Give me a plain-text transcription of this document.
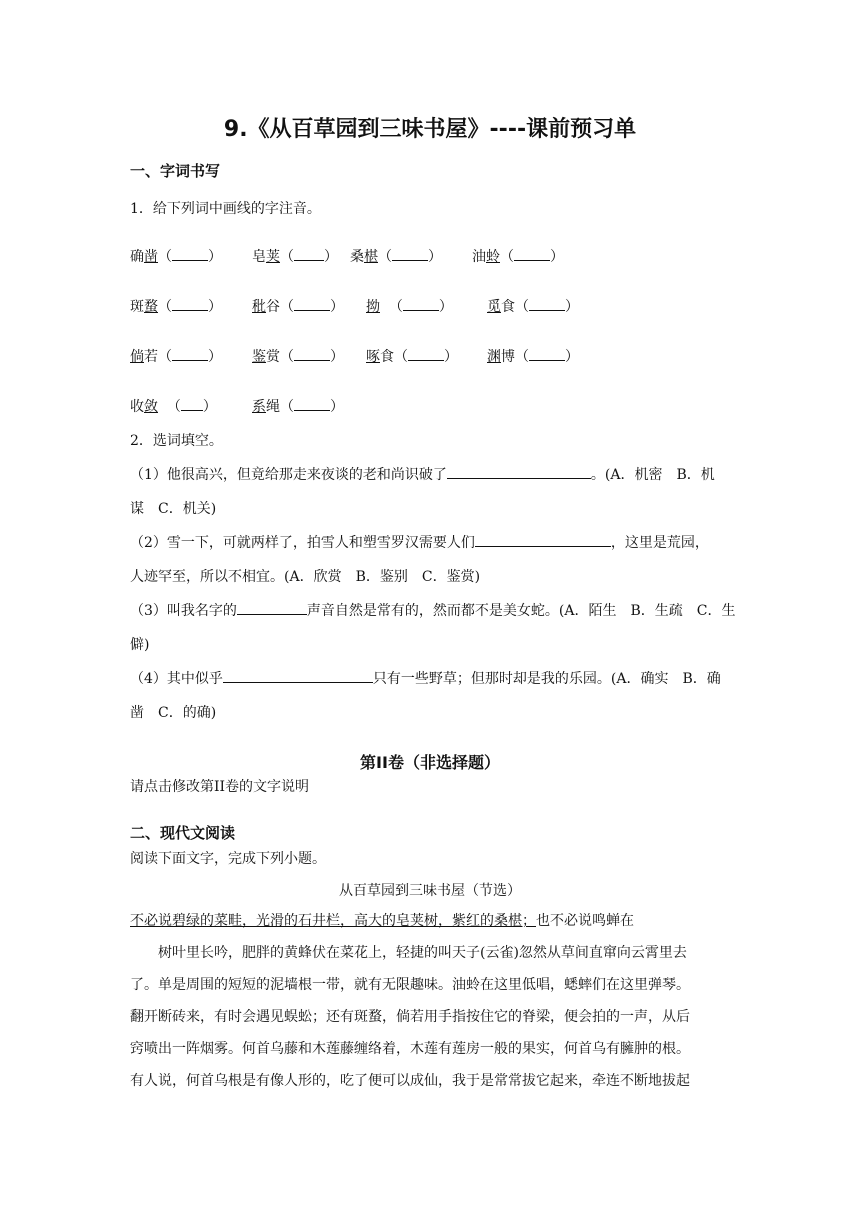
9.《从百草园到三味书屋》----课前预习单
一、字词书写
1．给下列词中画线的字注音。
确凿（	） 皂荚（ ） 桑椹（	） 油蛉（	）
斑蝥（	） 秕谷（	） 拗  （	） 觅食（	）
倘若（	） 鉴赏（	） 啄食（	） 渊博（	）
收敛  （ ）	系绳（	）
2．选词填空。
（1）他很高兴，但竟给那走来夜谈的老和尚识破了	。(A．机密　B．机
谋　C．机关)
（2）雪一下，可就两样了，拍雪人和塑雪罗汉需要人们	，这里是荒园，
人迹罕至，所以不相宜。(A．欣赏　B．鉴别　C．鉴赏)
（3）叫我名字的	声音自然是常有的，然而都不是美女蛇。(A．陌生　B．生疏　C．生
僻)
（4）其中似乎	只有一些野草；但那时却是我的乐园。(A．确实　B．确
凿　C．的确)
第II卷（非选择题）
请点击修改第II卷的文字说明
二、现代文阅读
阅读下面文字，完成下列小题。
从百草园到三味书屋（节选）
不必说碧绿的菜畦，光滑的石井栏，高大的皂荚树，紫红的桑椹；也不必说鸣蝉在
　　树叶里长吟，肥胖的黄蜂伏在菜花上，轻捷的叫天子(云雀)忽然从草间直窜向云霄里去
了。单是周围的短短的泥墙根一带，就有无限趣味。油蛉在这里低唱，蟋蟀们在这里弹琴。
翻开断砖来，有时会遇见蜈蚣；还有斑蝥，倘若用手指按住它的脊梁，便会拍的一声，从后
窍喷出一阵烟雾。何首乌藤和木莲藤缠络着，木莲有莲房一般的果实，何首乌有臃肿的根。
有人说，何首乌根是有像人形的，吃了便可以成仙，我于是常常拔它起来，牵连不断地拔起
